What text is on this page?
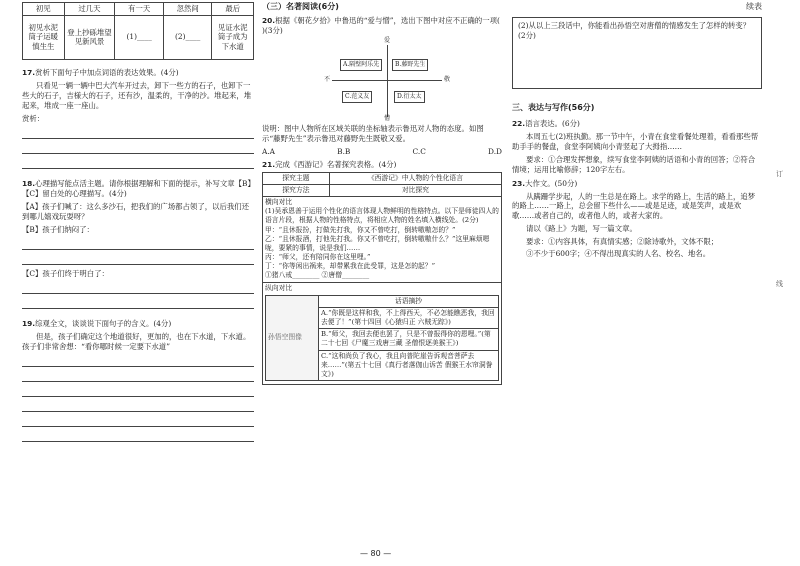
初见	过几天	有一天	忽然间	最后
初见水泥筒子运暖慎生生	登上抄砾堆望见新风景	(1)____	(2)____	见证水泥筒子成为下水道

17.赏析下面句子中加点词语的表达效果。(4分)

只看见一辆一辆中巴大汽车开过去，卸下一些方的石子，也卸下一些大的石子，吉様大的石子，还有沙，温柔的，干净的沙。堆起来，堆起来，堆成一座一座山。

赏析：

18.心理描写能点活主题。请你根据理解和下面的提示，补写文章【B】【C】留白处的心理描写。(4分)

【A】孩子们喊了：这么多沙石，把我们的广场都占领了，以后我们还到哪儿嬉戏玩耍呀？

【B】孩子们纳闷了：

【C】孩子们终于明白了：

19.综观全文，谈谈说下面句子的含义。(4分)

但是，孩子们确定这个地道很好，更加的，也在下水道，下水道。孩子们非常舍想：“看你哪时候一定要下水道”

（三）名著阅读(6分)

20.根据《朝花夕拾》中鲁迅的“爱与憎”，选出下图中对应不正确的一项( )(3分)

爱
憎
不	敬
A.隔壁阿乐先	B.藤野先生
C.范义友	D.衍太太

说明：图中人物所在区域关联的坐标轴表示鲁迅对人物的态度。如图示“藤野先生”表示鲁迅对藤野先生既敬又爱。

A.A	B.B	C.C	D.D

21.完成《西游记》名著探究表格。(4分)

探究主题	《西游记》中人物的个性化语言
探究方法	对比探究

横向对比

(1)吴承恩善于运用个性化的语言体现人物鲜明的性格特点。以下是师徒四人的语言片段，根据人物的性格特点，将相应人物的姓名填入横线处。(2分)

甲：“且休报扮，打做先打我，你又不曾吃打，倒转嗷嗷怎的？”

乙：“且休报酒，打他先打我。你又不曾吃打，倒转嗷嗷什么？”这里麻烦嗯咙，要紧的事情，说是我们……

丙：“师父，还有陪同你在这里哩。”

丁：“你等闲出祸来，却带累我在此受罪，这是怎的起？”

①猪八戒________ ②唐僧________

纵向对比

孙悟空图像	话语摘抄
A.“你既是这样和我，不上得西天，不必怎能瞧恶我，我回去便了！”(第十四回《心猿归正 六贼无踪》)
B.“师父，我回去便也罢了，只是不曾报得你的恩哩。”(第二十七回《尸魔三戏唐三藏 圣僧恨逐美猴王》)
C.“这和尚负了我心，我且向普陀崖告诉观音菩萨去来……”(第五十七回《真行者落伽山诉苦 假猴王水帘洞誊文》)

续表

(2)从以上三段话中，你能看出孙悟空对唐僧的情感发生了怎样的转变？(2分)

三、表达与写作(56分)

22.语言表达。(6分)

本周五七(2)班执勤。那一节中午，小青在食堂看餐处理着，看看那些帮助手手的餐盘，食堂李阿姨向小青竖起了大拇指……

要求：①合理发挥想象，续写食堂李阿姨的话语和小青的回答；②符合情境；运用比喻修辞；120字左右。

23.大作文。(50分)

从蹒跚学步起，人的一生总是在路上。求学的路上，生活的路上，追梦的路上……一路上，总会留下些什么——或是足迹，或是笑声，或是欢歌……或者自己的，或者他人的，或者大家的。

请以《路上》为题，写一篇文章。

要求：①内容具体，有真情实感；②除诗歌外，文体不限；

③不少于600字；④不得出现真实的人名、校名、地名。

订
线

— 80 —
